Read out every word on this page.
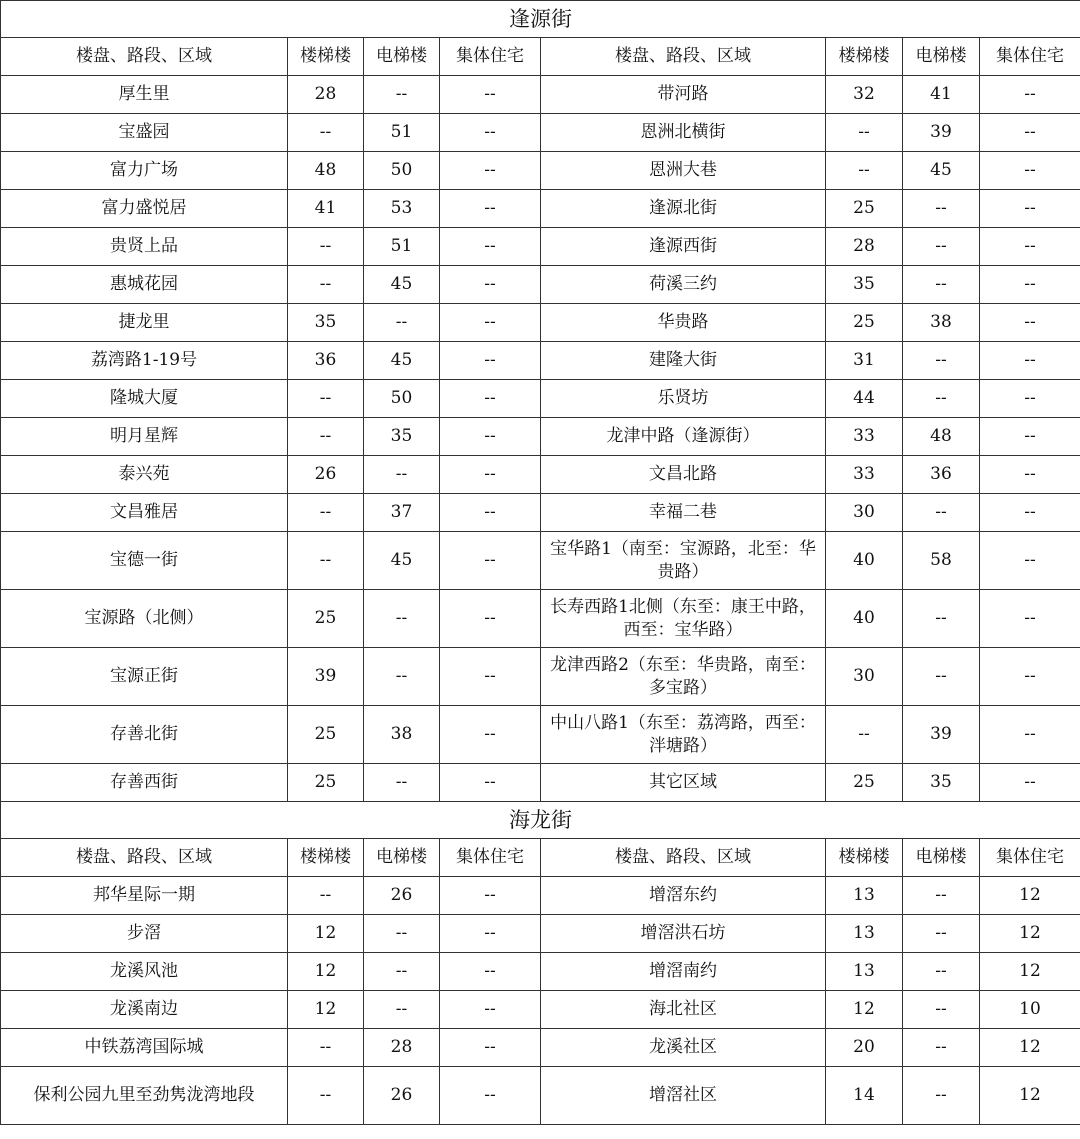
逢源街							
楼盘、路段、区域	楼梯楼	电梯楼	集体住宅	楼盘、路段、区域	楼梯楼	电梯楼	集体住宅
厚生里	28	--	--	带河路	32	41	--
宝盛园	--	51	--	恩洲北横街	--	39	--
富力广场	48	50	--	恩洲大巷	--	45	--
富力盛悦居	41	53	--	逢源北街	25	--	--
贵贤上品	--	51	--	逢源西街	28	--	--
惠城花园	--	45	--	荷溪三约	35	--	--
捷龙里	35	--	--	华贵路	25	38	--
荔湾路1-19号	36	45	--	建隆大街	31	--	--
隆城大厦	--	50	--	乐贤坊	44	--	--
明月星辉	--	35	--	龙津中路（逢源街）	33	48	--
泰兴苑	26	--	--	文昌北路	33	36	--
文昌雅居	--	37	--	幸福二巷	30	--	--
宝德一街	--	45	--	宝华路1（南至：宝源路，北至：华贵路）	40	58	--
宝源路（北侧）	25	--	--	长寿西路1北侧（东至：康王中路，西至：宝华路）	40	--	--
宝源正街	39	--	--	龙津西路2（东至：华贵路，南至：多宝路）	30	--	--
存善北街	25	38	--	中山八路1（东至：荔湾路，西至：泮塘路）	--	39	--
存善西街	25	--	--	其它区域	25	35	--
海龙街							
楼盘、路段、区域	楼梯楼	电梯楼	集体住宅	楼盘、路段、区域	楼梯楼	电梯楼	集体住宅
邦华星际一期	--	26	--	增滘东约	13	--	12
步滘	12	--	--	增滘洪石坊	13	--	12
龙溪风池	12	--	--	增滘南约	13	--	12
龙溪南边	12	--	--	海北社区	12	--	10
中铁荔湾国际城	--	28	--	龙溪社区	20	--	12
保利公园九里至劲隽泷湾地段	--	26	--	增滘社区	14	--	12
